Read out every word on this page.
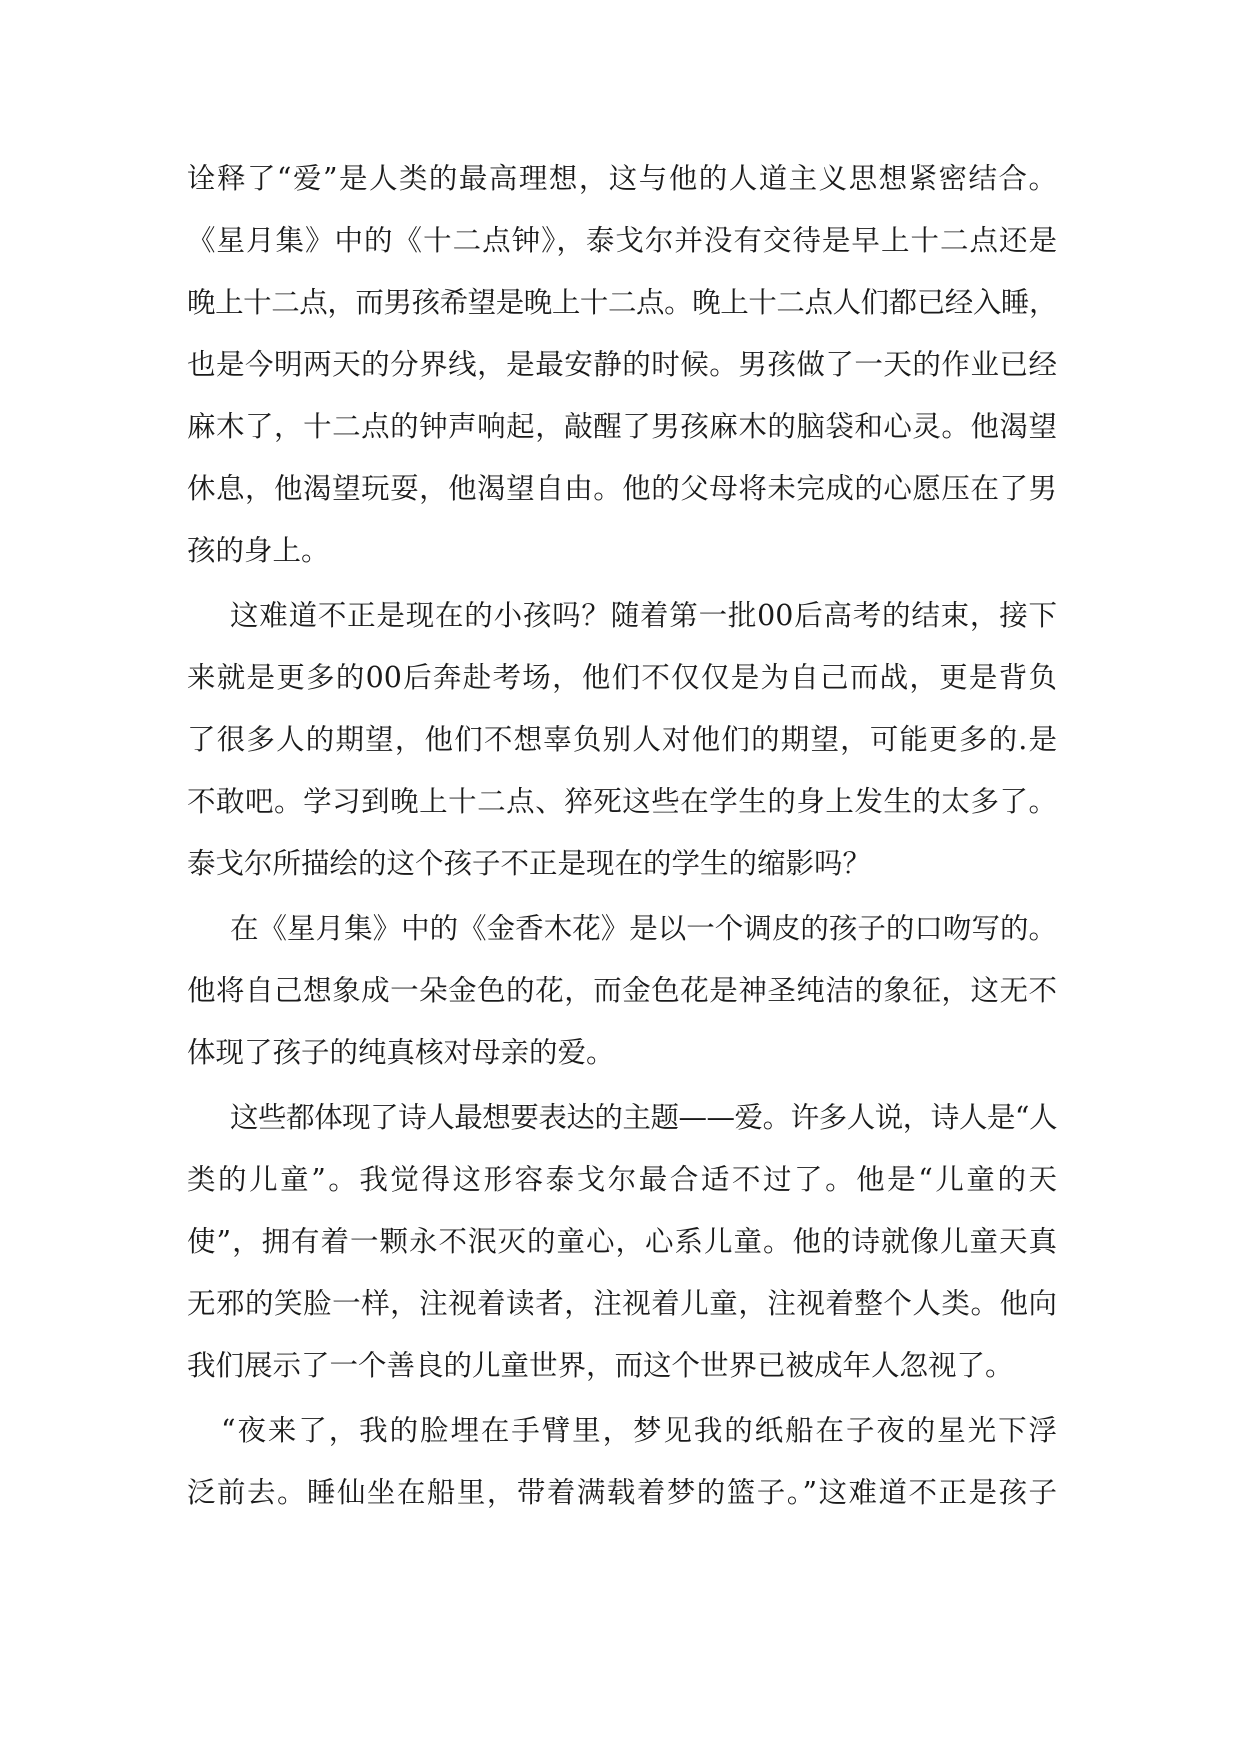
诠释了“爱”是人类的最高理想，这与他的人道主义思想紧密结合。
《星月集》中的《十二点钟》，泰戈尔并没有交待是早上十二点还是
晚上十二点，而男孩希望是晚上十二点。晚上十二点人们都已经入睡，
也是今明两天的分界线，是最安静的时候。男孩做了一天的作业已经
麻木了，十二点的钟声响起，敲醒了男孩麻木的脑袋和心灵。他渴望
休息，他渴望玩耍，他渴望自由。他的父母将未完成的心愿压在了男
孩的身上。
这难道不正是现在的小孩吗？随着第一批00后高考的结束，接下
来就是更多的00后奔赴考场，他们不仅仅是为自己而战，更是背负
了很多人的期望，他们不想辜负别人对他们的期望，可能更多的.是
不敢吧。学习到晚上十二点、猝死这些在学生的身上发生的太多了。
泰戈尔所描绘的这个孩子不正是现在的学生的缩影吗？
在《星月集》中的《金香木花》是以一个调皮的孩子的口吻写的。
他将自己想象成一朵金色的花，而金色花是神圣纯洁的象征，这无不
体现了孩子的纯真核对母亲的爱。
这些都体现了诗人最想要表达的主题——爱。许多人说，诗人是“人
类的儿童”。我觉得这形容泰戈尔最合适不过了。他是“儿童的天
使”，拥有着一颗永不泯灭的童心，心系儿童。他的诗就像儿童天真
无邪的笑脸一样，注视着读者，注视着儿童，注视着整个人类。他向
我们展示了一个善良的儿童世界，而这个世界已被成年人忽视了。
“夜来了，我的脸埋在手臂里，梦见我的纸船在子夜的星光下浮
泛前去。睡仙坐在船里，带着满载着梦的篮子。”这难道不正是孩子
